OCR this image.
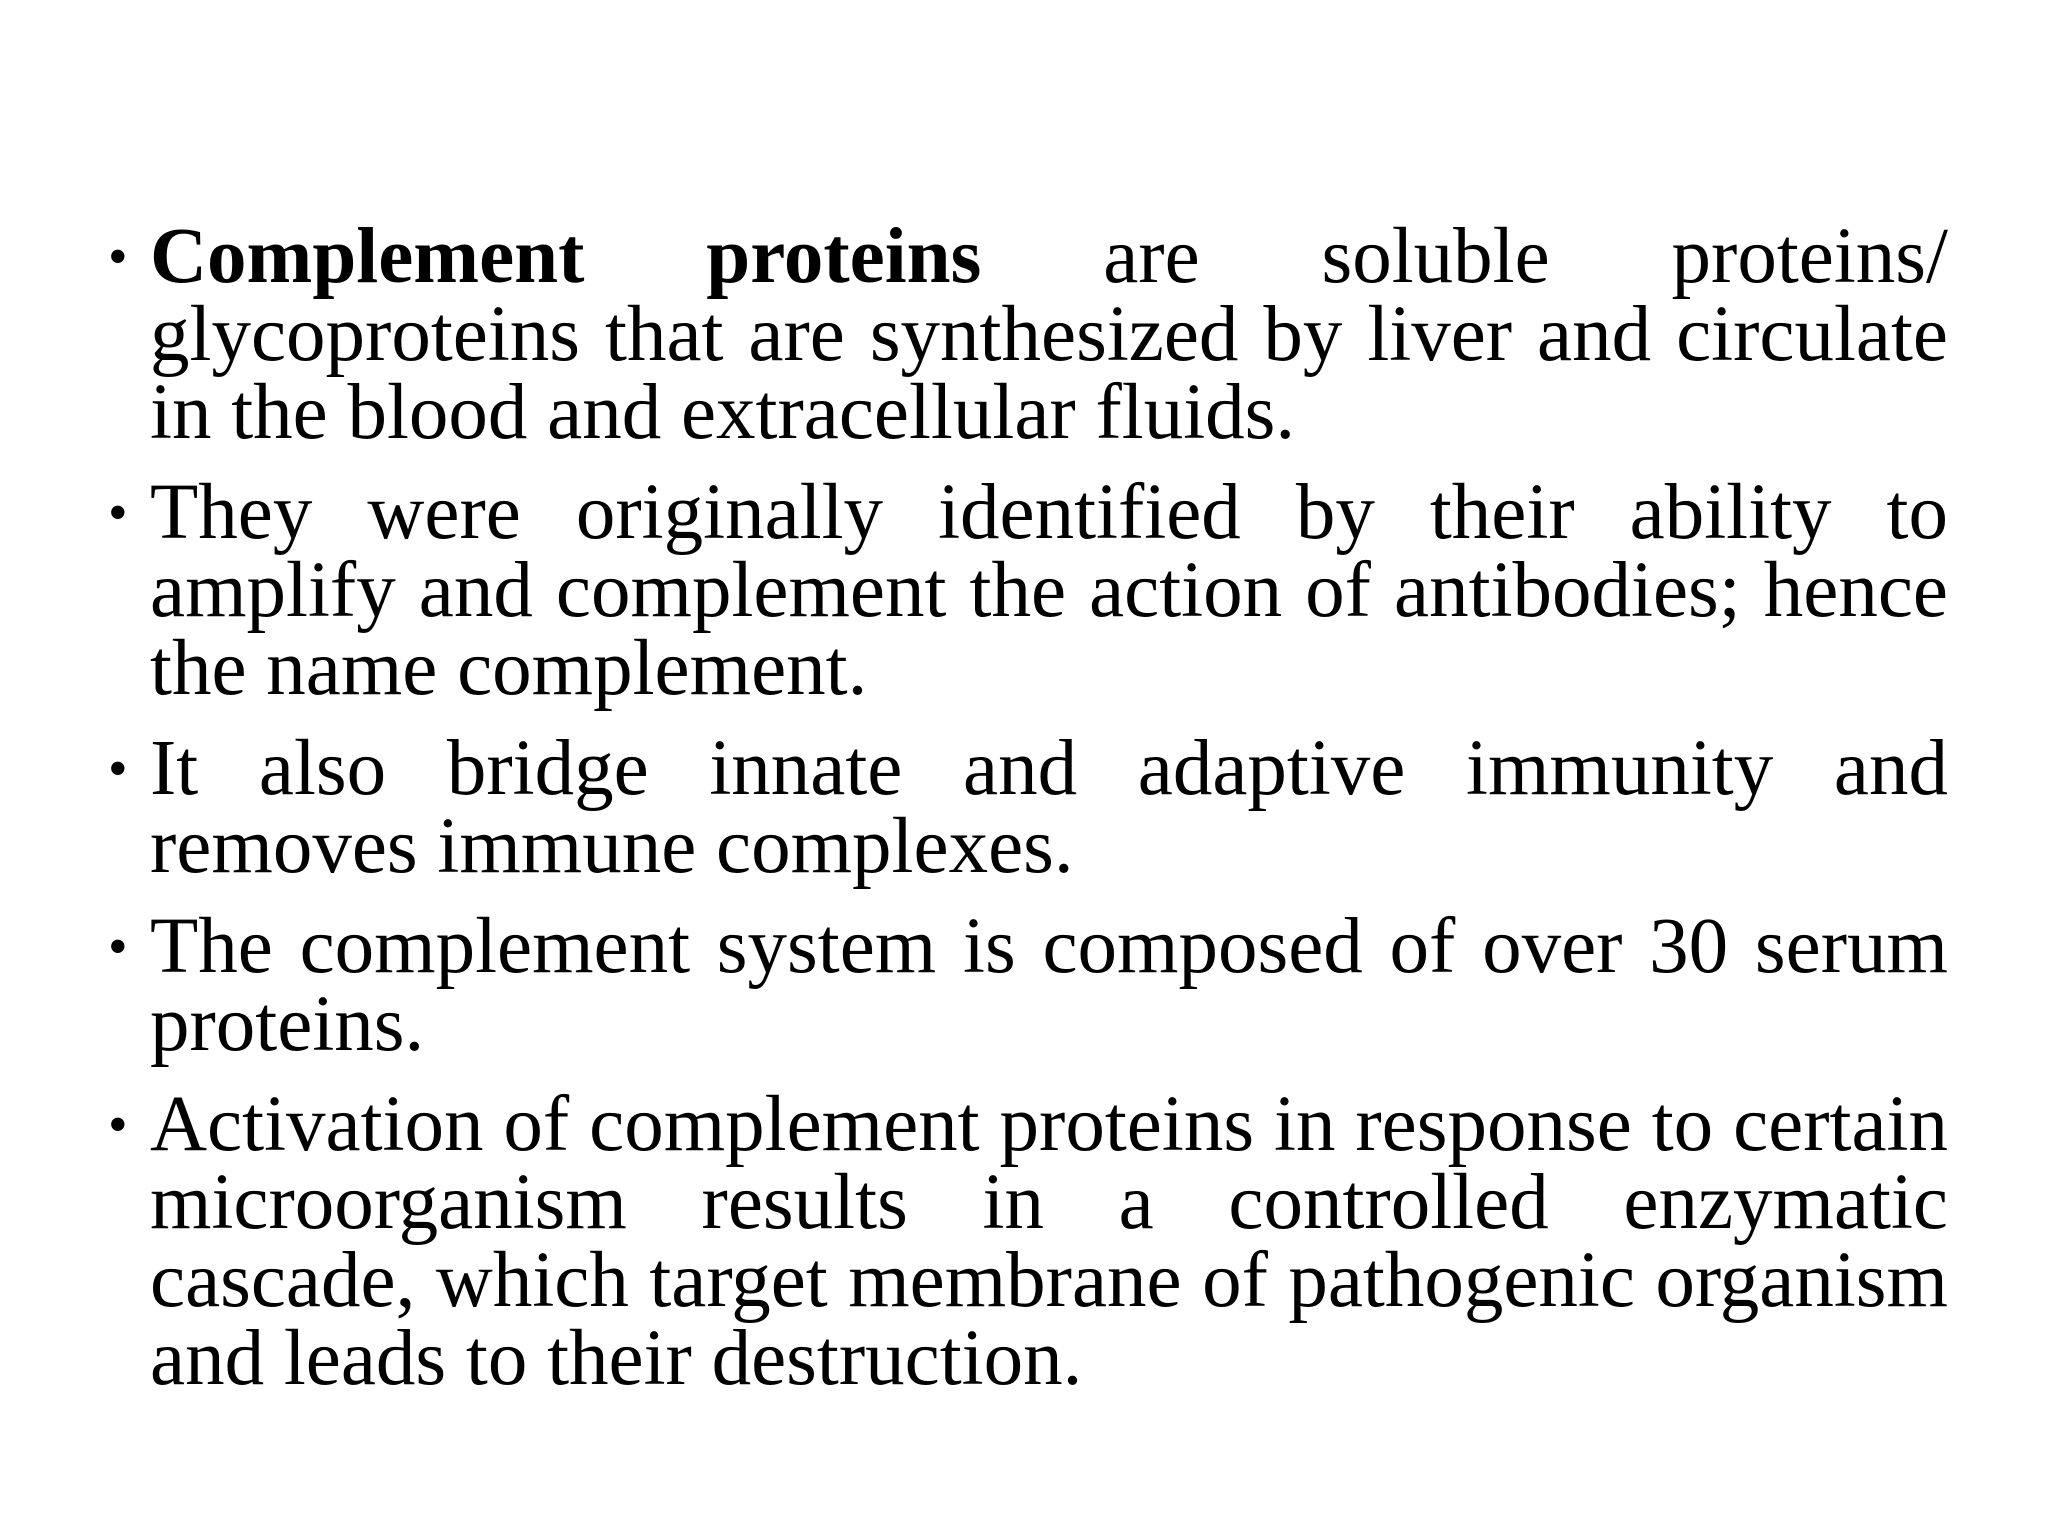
• Complement proteins are soluble proteins/ glycoproteins that are synthesized by liver and circulate in the blood and extracellular fluids.
• They were originally identified by their ability to amplify and complement the action of antibodies; hence the name complement.
• It also bridge innate and adaptive immunity and removes immune complexes.
• The complement system is composed of over 30 serum proteins.
• Activation of complement proteins in response to certain microorganism results in a controlled enzymatic cascade, which target membrane of pathogenic organism and leads to their destruction.
